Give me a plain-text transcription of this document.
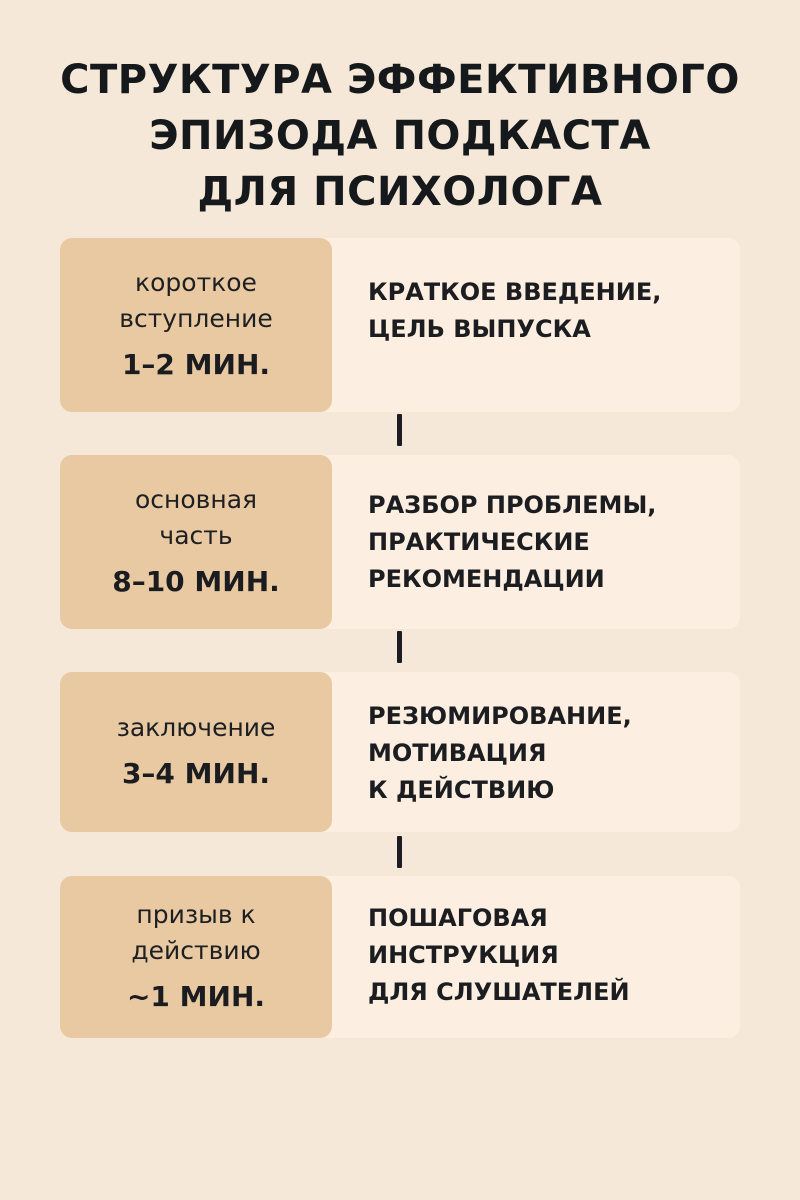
СТРУКТУРА ЭФФЕКТИВНОГО
ЭПИЗОДА ПОДКАСТА
ДЛЯ ПСИХОЛОГА
короткое
вступление
1–2 МИН.
КРАТКОЕ ВВЕДЕНИЕ,
ЦЕЛЬ ВЫПУСКА
основная
часть
8–10 МИН.
РАЗБОР ПРОБЛЕМЫ,
ПРАКТИЧЕСКИЕ
РЕКОМЕНДАЦИИ
заключение
3–4 МИН.
РЕЗЮМИРОВАНИЕ,
МОТИВАЦИЯ
К ДЕЙСТВИЮ
призыв к
действию
~1 МИН.
ПОШАГОВАЯ
ИНСТРУКЦИЯ
ДЛЯ СЛУШАТЕЛЕЙ
